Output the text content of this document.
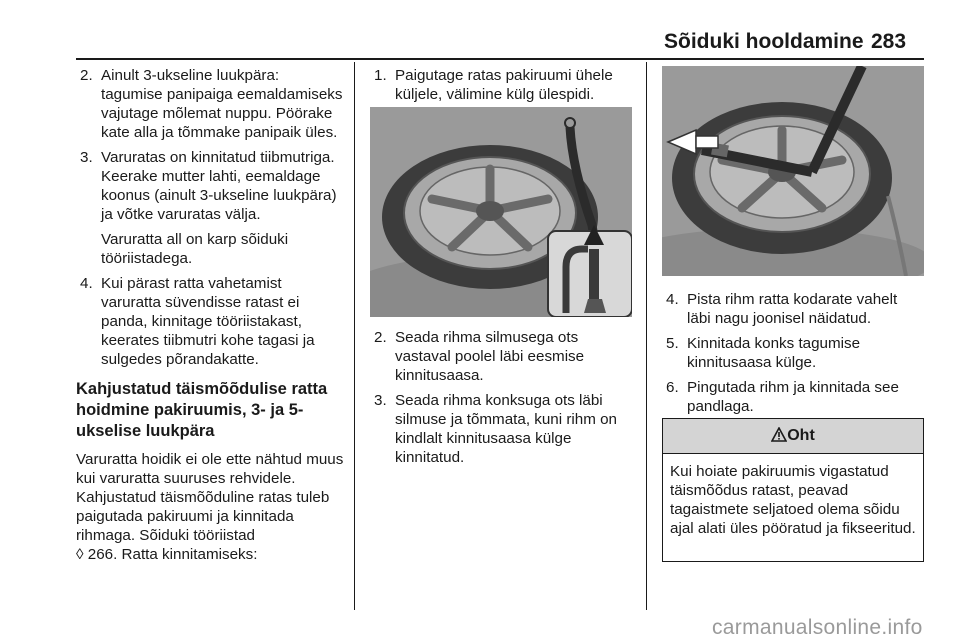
Sõiduki hooldamine 283
2. Ainult 3-ukseline luukpära: tagumise panipaiga eemaldamiseks vajutage mõlemat nuppu. Pöörake kate alla ja tõmmake panipaik üles.

3. Varuratas on kinnitatud tiibmutriga. Keerake mutter lahti, eemaldage koonus (ainult 3-ukseline luukpära) ja võtke varuratas välja.

Varuratta all on karp sõiduki tööriistadega.

4. Kui pärast ratta vahetamist varuratta süvendisse ratast ei panda, kinnitage tööriistakast, keerates tiibmutri kohe tagasi ja sulgedes põrandakatte.

Kahjustatud täismõõdulise ratta hoidmine pakiruumis, 3- ja 5-ukselise luukpära

Varuratta hoidik ei ole ette nähtud muus kui varuratta suuruses rehvidele. Kahjustatud täismõõduline ratas tuleb paigutada pakiruumi ja kinnitada rihmaga. Sõiduki tööriistad
◊ 266. Ratta kinnitamiseks:

1. Paigutage ratas pakiruumi ühele küljele, välimine külg ülespidi.

2. Seada rihma silmusega ots vastaval poolel läbi eesmise kinnitusaasa.

3. Seada rihma konksuga ots läbi silmuse ja tõmmata, kuni rihm on kindlalt kinnitusaasa külge kinnitatud.

4. Pista rihm ratta kodarate vahelt läbi nagu joonisel näidatud.

5. Kinnitada konks tagumise kinnitusaasa külge.

6. Pingutada rihm ja kinnitada see pandlaga.

Oht
Kui hoiate pakiruumis vigastatud täismõõdus ratast, peavad tagaistmete seljatoed olema sõidu ajal alati üles pööratud ja fikseeritud.
carmanualsonline.info
